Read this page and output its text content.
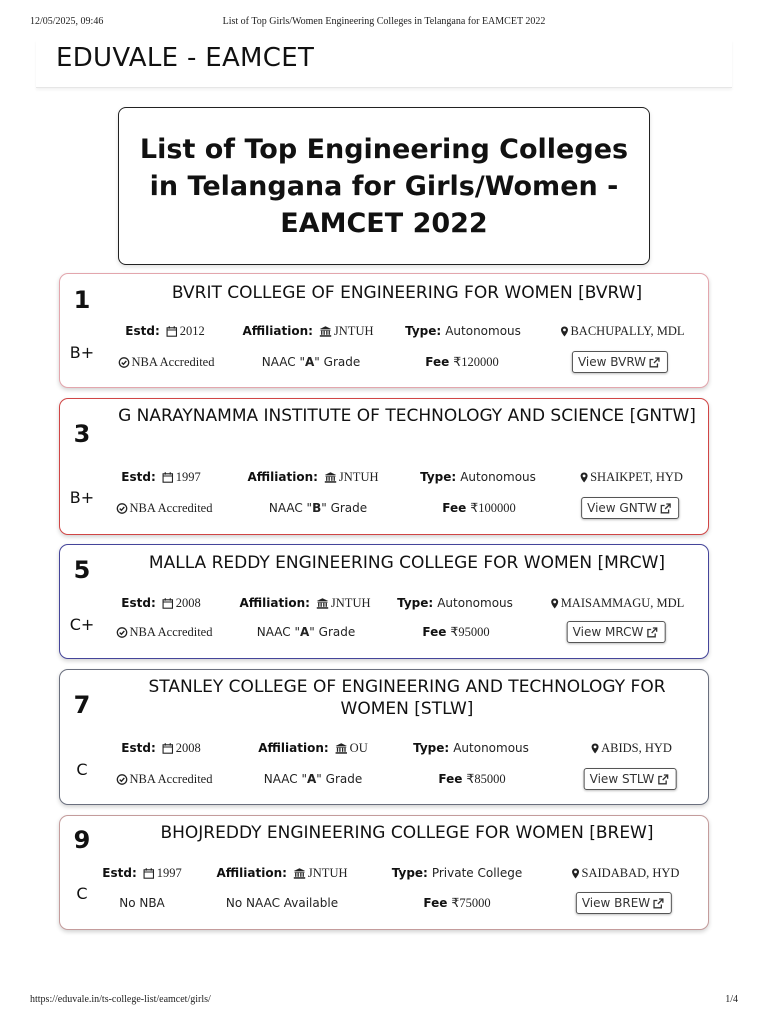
12/05/2025, 09:46	List of Top Girls/Women Engineering Colleges in Telangana for EAMCET 2022
EDUVALE - EAMCET
List of Top Engineering Colleges in Telangana for Girls/Women - EAMCET 2022
1
B+
BVRIT COLLEGE OF ENGINEERING FOR WOMEN [BVRW]
Estd: 2012	Affiliation: JNTUH	Type: Autonomous	BACHUPALLY, MDL
NBA Accredited	NAAC "A" Grade	Fee ₹120000	View BVRW
3
B+
G NARAYNAMMA INSTITUTE OF TECHNOLOGY AND SCIENCE [GNTW]
Estd: 1997	Affiliation: JNTUH	Type: Autonomous	SHAIKPET, HYD
NBA Accredited	NAAC "B" Grade	Fee ₹100000	View GNTW
5
C+
MALLA REDDY ENGINEERING COLLEGE FOR WOMEN [MRCW]
Estd: 2008	Affiliation: JNTUH Type: Autonomous	MAISAMMAGU, MDL
NBA Accredited	NAAC "A" Grade	Fee ₹95000	View MRCW
7
C
STANLEY COLLEGE OF ENGINEERING AND TECHNOLOGY FOR WOMEN [STLW]
Estd: 2008	Affiliation: OU	Type: Autonomous	ABIDS, HYD
NBA Accredited	NAAC "A" Grade	Fee ₹85000	View STLW
9
C
BHOJREDDY ENGINEERING COLLEGE FOR WOMEN [BREW]
Estd: 1997	Affiliation: JNTUH	Type: Private College	SAIDABAD, HYD
No NBA	No NAAC Available	Fee ₹75000	View BREW
https://eduvale.in/ts-college-list/eamcet/girls/	1/4
